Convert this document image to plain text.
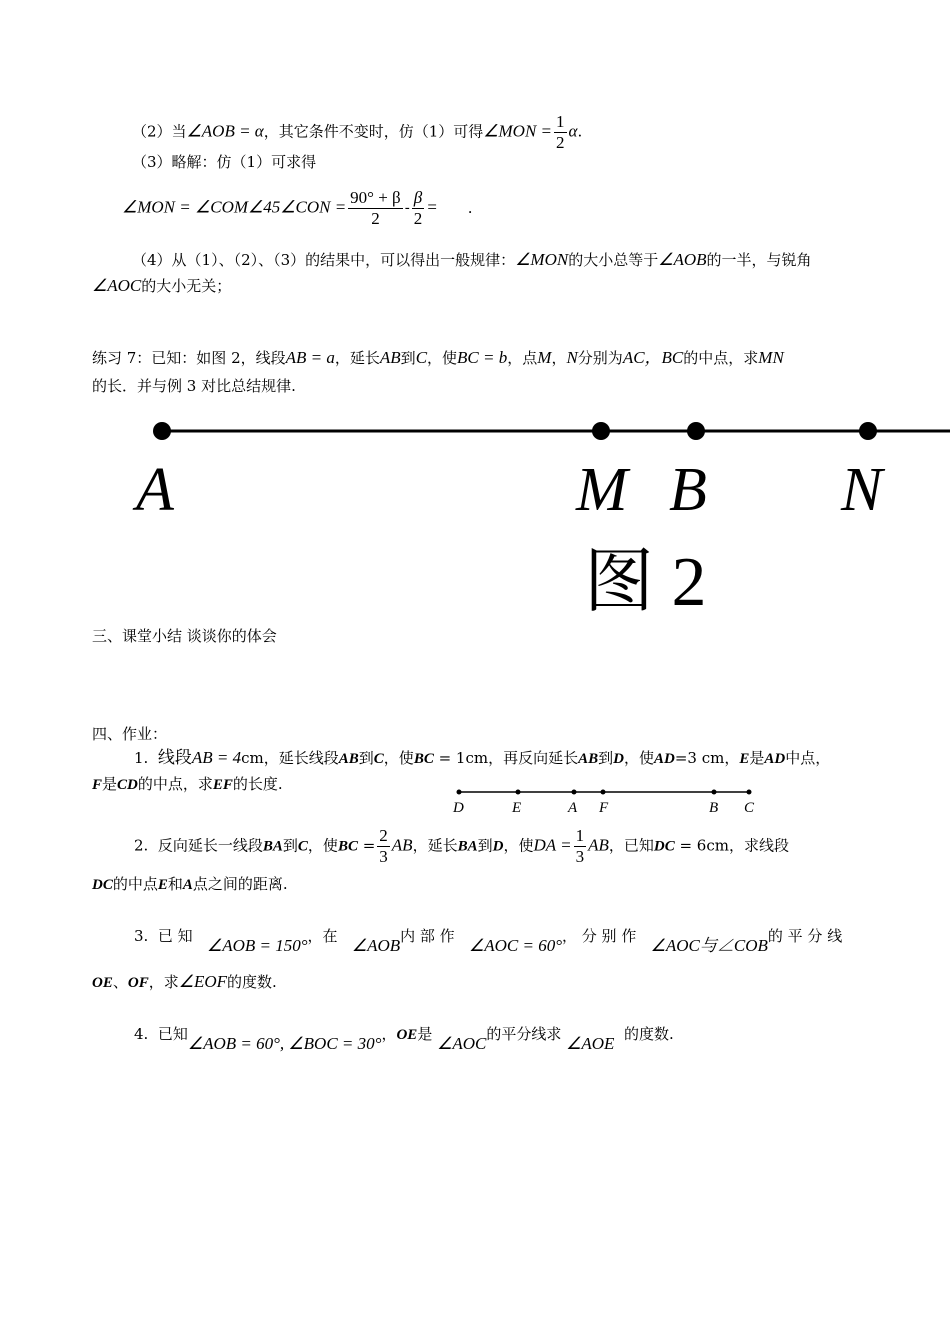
（2）当∠AOB = α，其它条件不变时，仿（1）可得∠MON = $\frac{1}{2} \alpha$.
（3）略解：仿（1）可求得
∠MON = ∠COM∠45∠CON = $\frac{90^\circ + \beta}{2} - \frac{\beta}{2}$ = .
（4）从（1）、（2）、（3）的结果中，可以得出一般规律：∠MON的大小总等于∠AOB的一半，与锐角
∠AOC的大小无关；
练习 7：已知：如图 2，线段AB = a，延长AB到C，使BC = b，点M，N分别为AC，BC的中点，求MN
的长．并与例 3 对比总结规律.
A	M B N
图 2
三、课堂小结 谈谈你的体会
四、作业：
1. 线段AB = 4cm，延长线段AB到C，使BC = 1cm，再反向延长AB到D，使AD=3 cm，E是AD中点，
F是CD的中点，求EF的长度.
D	E	A F	B C
2. 反向延长一线段BA到C，使BC = $\frac{2}{3}$ AB，延长BA到D，使DA = $\frac{1}{3}$ AB，已知DC = 6cm，求线段
DC的中点E和A点之间的距离.
3. 已 知 ∠AOB = 150°，在 ∠AOB内 部 作 ∠AOC = 60°， 分 别 作 ∠AOC与∠COB的 平 分 线
OE、OF，求∠EOF的度数.
4. 已知∠AOB = 60°, ∠BOC = 30°，OE是 ∠AOC的平分线求 ∠AOE 的度数.
